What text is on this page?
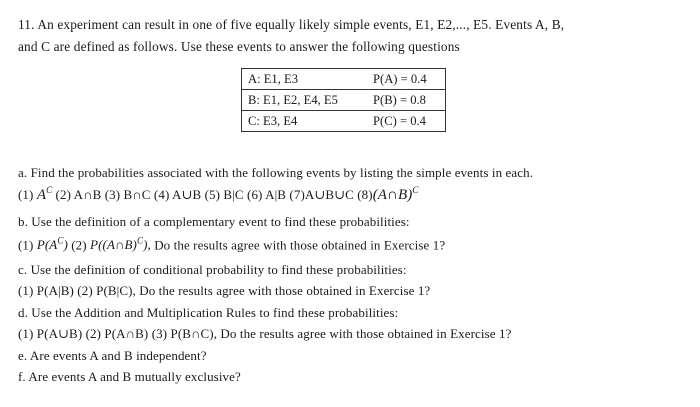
11. An experiment can result in one of five equally likely simple events, E1, E2,..., E5. Events A, B,
and C are defined as follows. Use these events to answer the following questions
A: E1, E3	P(A) = 0.4
B: E1, E2, E4, E5	P(B) = 0.8
C: E3, E4	P(C) = 0.4
a. Find the probabilities associated with the following events by listing the simple events in each.
(1) $A^C$ (2) A∩B (3) B∩C (4) A∪B (5) B|C (6) A|B (7)A∪B∪C (8)(A∩B)$^C$
b. Use the definition of a complementary event to find these probabilities:
(1) $P(A^C)$ (2) P((A∩B)$^C$), Do the results agree with those obtained in Exercise 1?
c. Use the definition of conditional probability to find these probabilities:
(1) P(A|B) (2) P(B|C), Do the results agree with those obtained in Exercise 1?
d. Use the Addition and Multiplication Rules to find these probabilities:
(1) P(A∪B) (2) P(A∩B) (3) P(B∩C), Do the results agree with those obtained in Exercise 1?
e. Are events A and B independent?
f. Are events A and B mutually exclusive?
